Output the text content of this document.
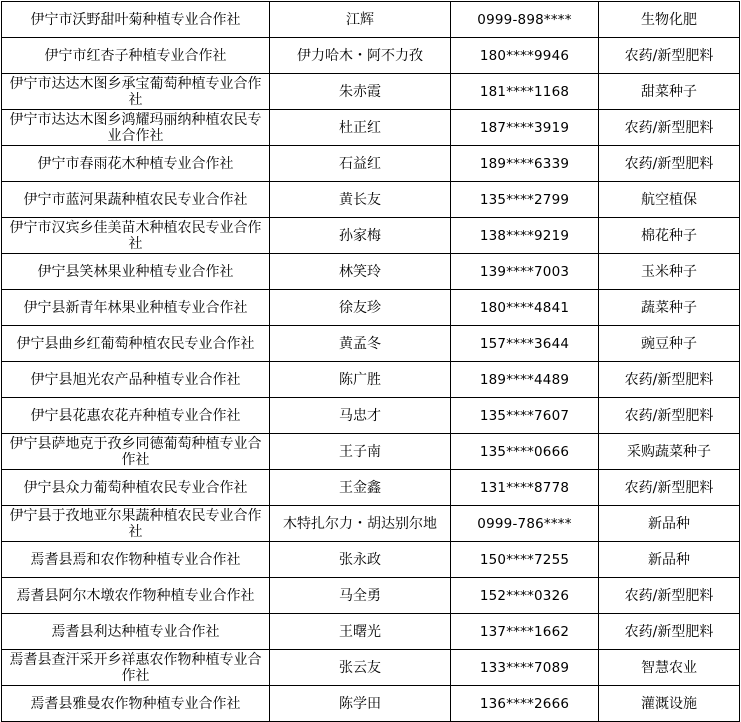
伊宁市沃野甜叶菊种植专业合作社	江辉	0999-898****	生物化肥
伊宁市红杏子种植专业合作社	伊力哈木・阿不力孜	180****9946	农药/新型肥料
伊宁市达达木图乡承宝葡萄种植专业合作社	朱赤霞	181****1168	甜菜种子
伊宁市达达木图乡鸿耀玛丽纳种植农民专业合作社	杜正红	187****3919	农药/新型肥料
伊宁市春雨花木种植专业合作社	石益红	189****6339	农药/新型肥料
伊宁市蓝河果蔬种植农民专业合作社	黄长友	135****2799	航空植保
伊宁市汉宾乡佳美苗木种植农民专业合作社	孙家梅	138****9219	棉花种子
伊宁县笑林果业种植专业合作社	林笑玲	139****7003	玉米种子
伊宁县新青年林果业种植专业合作社	徐友珍	180****4841	蔬菜种子
伊宁县曲乡红葡萄种植农民专业合作社	黄孟冬	157****3644	豌豆种子
伊宁县旭光农产品种植专业合作社	陈广胜	189****4489	农药/新型肥料
伊宁县花惠农花卉种植专业合作社	马忠才	135****7607	农药/新型肥料
伊宁县萨地克于孜乡同德葡萄种植专业合作社	王子南	135****0666	采购蔬菜种子
伊宁县众力葡萄种植农民专业合作社	王金鑫	131****8778	农药/新型肥料
伊宁县于孜地亚尔果蔬种植农民专业合作社	木特扎尔力・胡达别尔地	0999-786****	新品种
焉耆县焉和农作物种植专业合作社	张永政	150****7255	新品种
焉耆县阿尔木墩农作物种植专业合作社	马全勇	152****0326	农药/新型肥料
焉耆县利达种植专业合作社	王曙光	137****1662	农药/新型肥料
焉耆县查汗采开乡祥惠农作物种植专业合作社	张云友	133****7089	智慧农业
焉耆县雅曼农作物种植专业合作社	陈学田	136****2666	灌溉设施
